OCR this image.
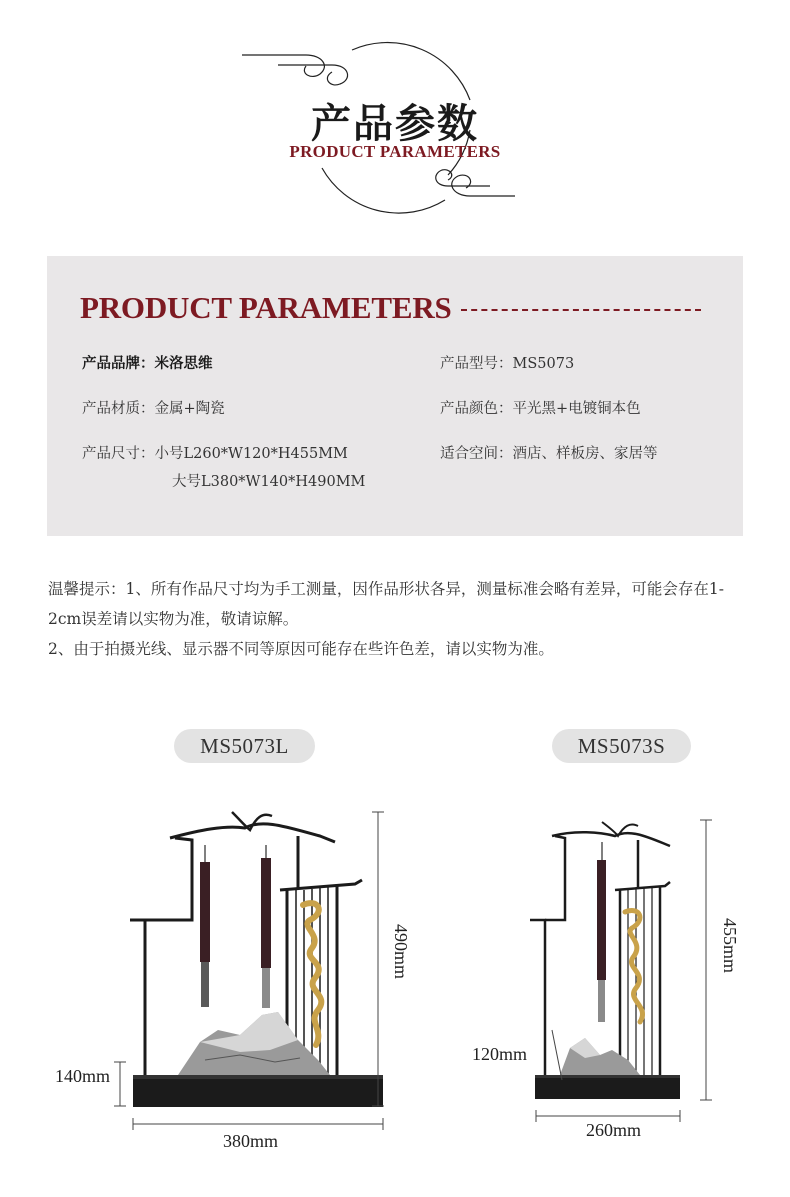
产品参数
PRODUCT PARAMETERS
PRODUCT PARAMETERS
产品品牌：米洛思维	产品型号：MS5073
产品材质：金属+陶瓷	产品颜色：平光黑+电镀铜本色
产品尺寸：小号L260*W120*H455MM
大号L380*W140*H490MM
适合空间：酒店、样板房、家居等
温馨提示：1、所有作品尺寸均为手工测量，因作品形状各异，测量标准会略有差异，可能会存在1-2cm误差请以实物为准，敬请谅解。
2、由于拍摄光线、显示器不同等原因可能存在些许色差，请以实物为准。
MS5073L	MS5073S
490mm
140mm
380mm
455mm
120mm
260mm
